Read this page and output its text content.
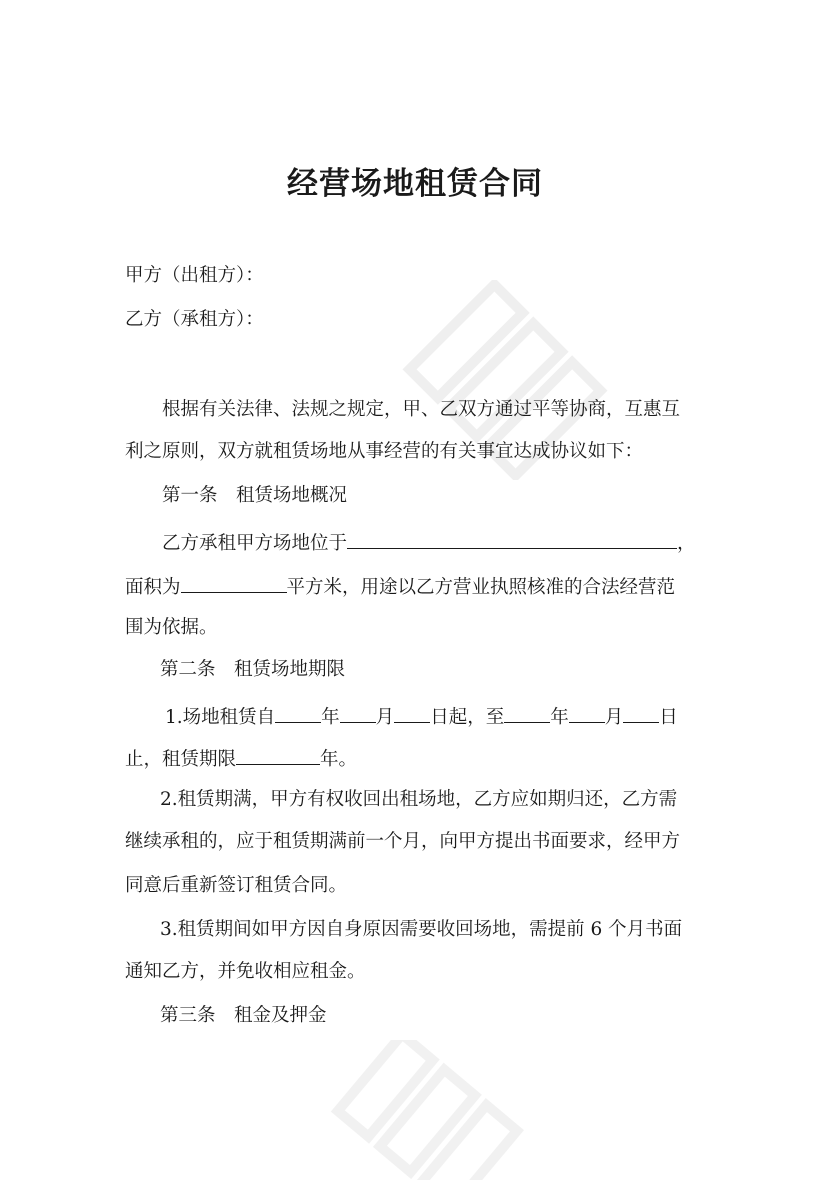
经营场地租赁合同
甲方（出租方）：
乙方（承租方）：
根据有关法律、法规之规定，甲、乙双方通过平等协商，互惠互
利之原则，双方就租赁场地从事经营的有关事宜达成协议如下：
第一条　租赁场地概况
乙方承租甲方场地位于	，
面积为	平方米，用途以乙方营业执照核准的合法经营范
围为依据。
第二条　租赁场地期限
1.场地租赁自 年 月 日起，至 年 月 日
止，租赁期限	年。
2.租赁期满，甲方有权收回出租场地，乙方应如期归还，乙方需
继续承租的，应于租赁期满前一个月，向甲方提出书面要求，经甲方
同意后重新签订租赁合同。
3.租赁期间如甲方因自身原因需要收回场地，需提前 6 个月书面
通知乙方，并免收相应租金。
第三条　租金及押金
